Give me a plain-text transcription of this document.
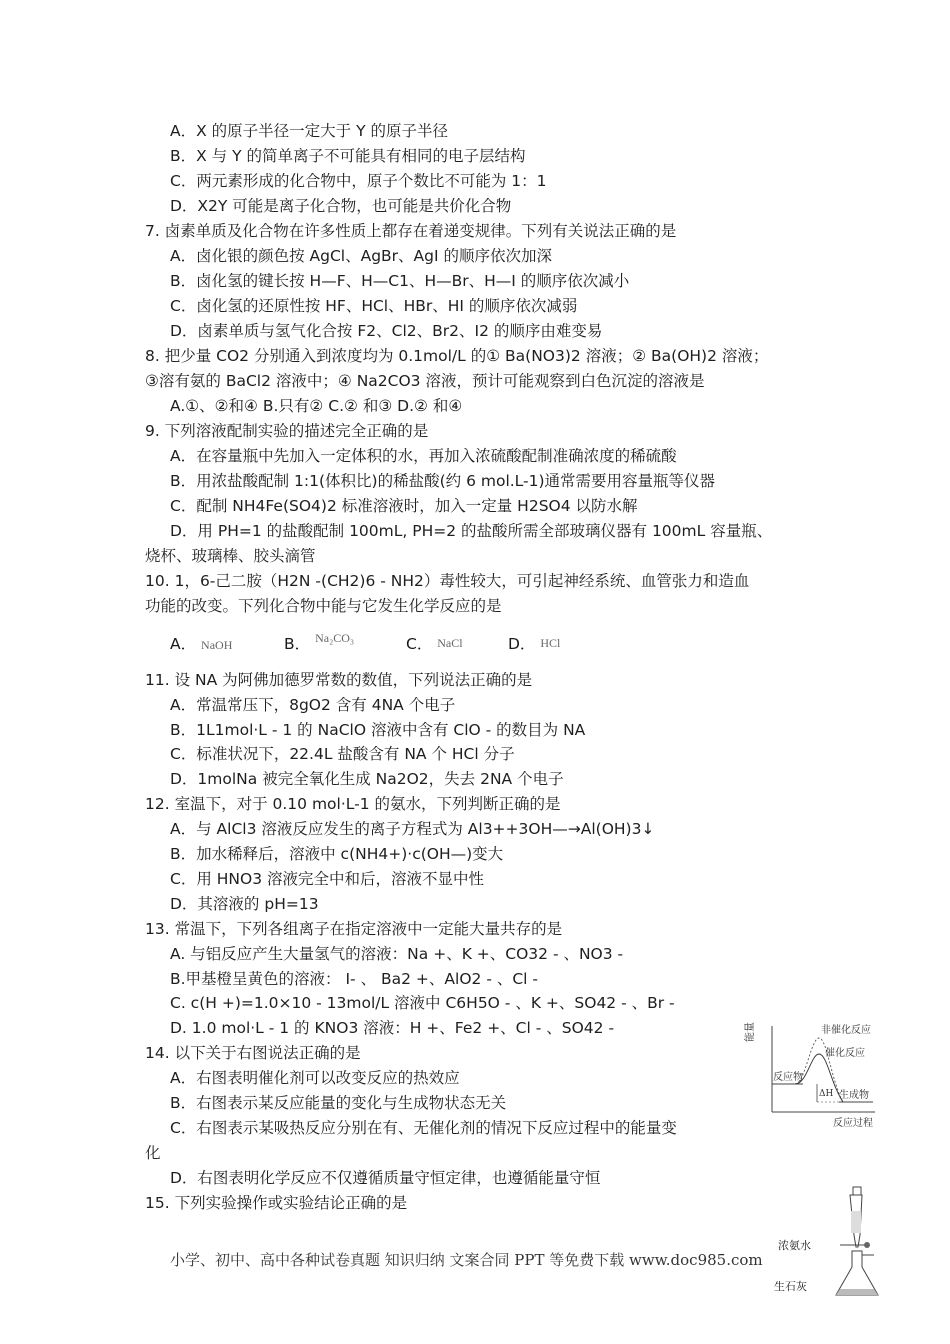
A．X 的原子半径一定大于 Y 的原子半径
B．X 与 Y 的简单离子不可能具有相同的电子层结构
C．两元素形成的化合物中，原子个数比不可能为 1：1
D．X2Y 可能是离子化合物，也可能是共价化合物
7. 卤素单质及化合物在许多性质上都存在着递变规律。下列有关说法正确的是
A．卤化银的颜色按 AgCl、AgBr、AgI 的顺序依次加深
B．卤化氢的键长按 H—F、H—C1、H—Br、H—I 的顺序依次减小
C．卤化氢的还原性按 HF、HCl、HBr、HI 的顺序依次减弱
D．卤素单质与氢气化合按 F2、Cl2、Br2、I2 的顺序由难变易
8. 把少量 CO2 分别通入到浓度均为 0.1mol/L 的① Ba(NO3)2 溶液；② Ba(OH)2 溶液；
③溶有氨的 BaCl2 溶液中；④ Na2CO3 溶液，预计可能观察到白色沉淀的溶液是
A.①、②和④ B.只有② C.② 和③ D.② 和④
9. 下列溶液配制实验的描述完全正确的是
A．在容量瓶中先加入一定体积的水，再加入浓硫酸配制准确浓度的稀硫酸
B．用浓盐酸配制 1:1(体积比)的稀盐酸(约 6 mol.L-1)通常需要用容量瓶等仪器
C．配制 NH4Fe(SO4)2 标准溶液时，加入一定量 H2SO4 以防水解
D．用 PH=1 的盐酸配制 100mL, PH=2 的盐酸所需全部玻璃仪器有 100mL 容量瓶、
烧杯、玻璃棒、胶头滴管
10. 1，6-己二胺（H2N -(CH2)6 - NH2）毒性较大，可引起神经系统、血管张力和造血
功能的改变。下列化合物中能与它发生化学反应的是
A． NaOH	B． $^{Na_2CO_3}$	C． NaCl	D． HCl
11. 设 NA 为阿佛加德罗常数的数值，下列说法正确的是
A．常温常压下，8gO2 含有 4NA 个电子
B．1L1mol·L - 1 的 NaClO 溶液中含有 ClO - 的数目为 NA
C．标准状况下，22.4L 盐酸含有 NA 个 HCl 分子
D．1molNa 被完全氧化生成 Na2O2，失去 2NA 个电子
12. 室温下，对于 0.10 mol·L-1 的氨水，下列判断正确的是
A．与 AlCl3 溶液反应发生的离子方程式为 Al3++3OH—→Al(OH)3↓
B．加水稀释后，溶液中 c(NH4+)·c(OH—)变大
C．用 HNO3 溶液完全中和后，溶液不显中性
D．其溶液的 pH=13
13. 常温下，下列各组离子在指定溶液中一定能大量共存的是
A. 与铝反应产生大量氢气的溶液：Na +、K +、CO32 - 、NO3 -
B.甲基橙呈黄色的溶液： I- 、 Ba2 +、AlO2 - 、Cl -
C. c(H +)=1.0×10 - 13mol/L 溶液中 C6H5O - 、K +、SO42 - 、Br -
D. 1.0 mol·L - 1 的 KNO3 溶液：H +、Fe2 +、Cl - 、SO42 -
14. 以下关于右图说法正确的是
A．右图表明催化剂可以改变反应的热效应
B．右图表示某反应能量的变化与生成物状态无关
C．右图表示某吸热反应分别在有、无催化剂的情况下反应过程中的能量变
化
D．右图表明化学反应不仅遵循质量守恒定律，也遵循能量守恒
15. 下列实验操作或实验结论正确的是
能量	非催化反应
催化反应
反应物
ΔH 生成物
反应过程
浓氨水
生石灰
小学、初中、高中各种试卷真题 知识归纳 文案合同 PPT 等免费下载 www.doc985.com
